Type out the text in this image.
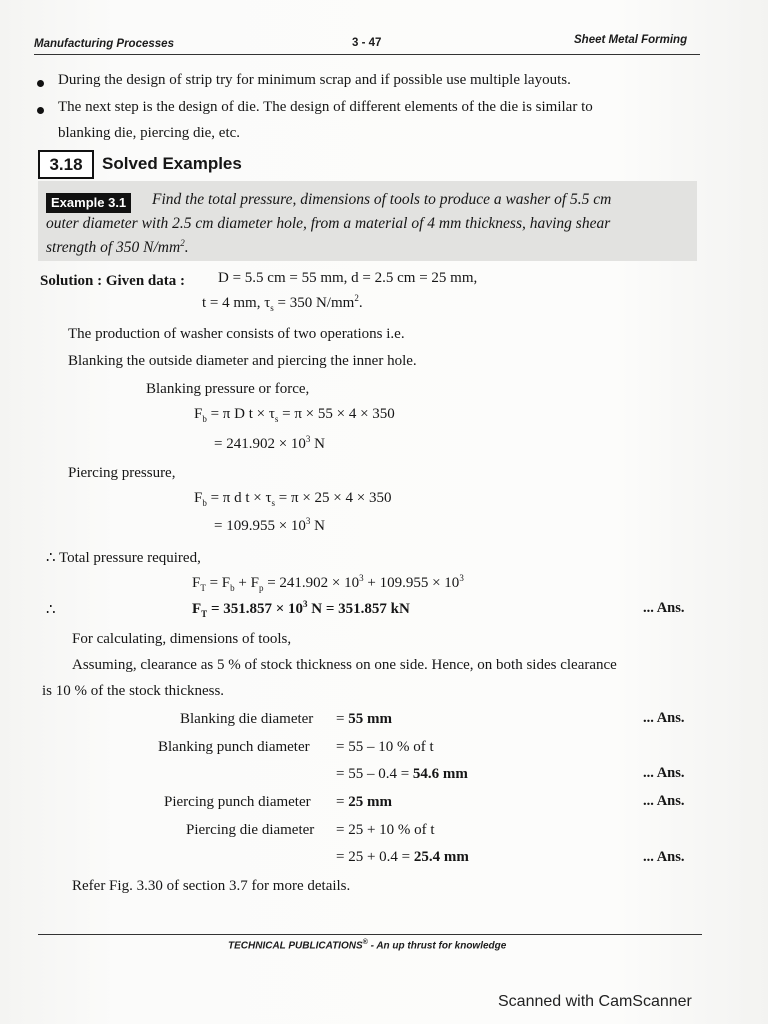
Manufacturing Processes	3 - 47	Sheet Metal Forming
During the design of strip try for minimum scrap and if possible use multiple layouts.
The next step is the design of die. The design of different elements of the die is similar to
blanking die, piercing die, etc.
3.18	Solved Examples
Example 3.1	Find the total pressure, dimensions of tools to produce a washer of 5.5 cm
outer diameter with 2.5 cm diameter hole, from a material of 4 mm thickness, having shear
strength of 350 $N/mm^2$.
Solution : Given data : D = 5.5 cm = 55 mm, d = 2.5 cm = 25 mm,
t = 4 mm, $\tau_s = 350$ $N/mm^2$.
The production of washer consists of two operations i.e.
Blanking the outside diameter and piercing the inner hole.
Blanking pressure or force,
$F_b = \pi$ D $t \times \tau_s = \pi \times 55 \times 4 \times 350$
= $241.902 \times 10^3$ N
Piercing pressure,
$F_b = \pi$ d $t \times \tau_s = \pi \times 25 \times 4 \times 350$
= $109.955 \times 10^3$ N
∴ Total pressure required,
$F_T = F_b + F_p = 241.902 \times 10^3 + 109.955 \times 10^3$
∴	$F_T = 351.857 \times 10^3$ N = 351.857 kN	... Ans.
For calculating, dimensions of tools,
Assuming, clearance as 5 % of stock thickness on one side. Hence, on both sides clearance
is 10 % of the stock thickness.
Blanking die diameter = 55 mm	... Ans.
Blanking punch diameter = 55 – 10 % of t
= 55 – 0.4 = 54.6 mm	... Ans.
Piercing punch diameter = 25 mm	... Ans.
Piercing die diameter = 25 + 10 % of t
= 25 + 0.4 = 25.4 mm	... Ans.
Refer Fig. 3.30 of section 3.7 for more details.
TECHNICAL PUBLICATIONS® - An up thrust for knowledge
Scanned with CamScanner
